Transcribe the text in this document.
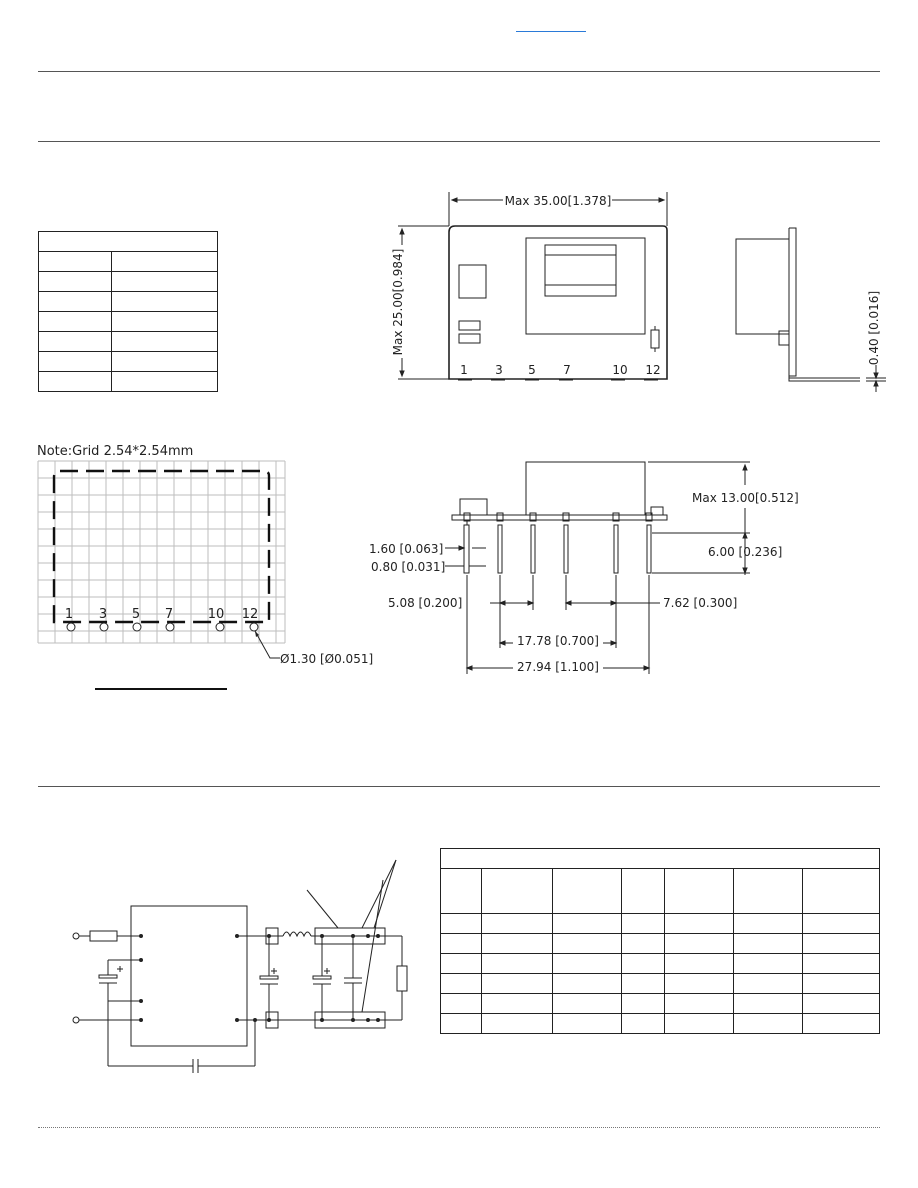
Max 35.00[1.378]
Max 25.00[0.984]
1 3 5 7	10 12
0.40 [0.016]
Note:Grid 2.54*2.54mm
1 3 5 7	10 12
Ø1.30 [Ø0.051]
Max 13.00[0.512]
6.00 [0.236]
1.60 [0.063]
0.80 [0.031]
5.08 [0.200]	7.62 [0.300]
17.78 [0.700]
27.94 [1.100]
